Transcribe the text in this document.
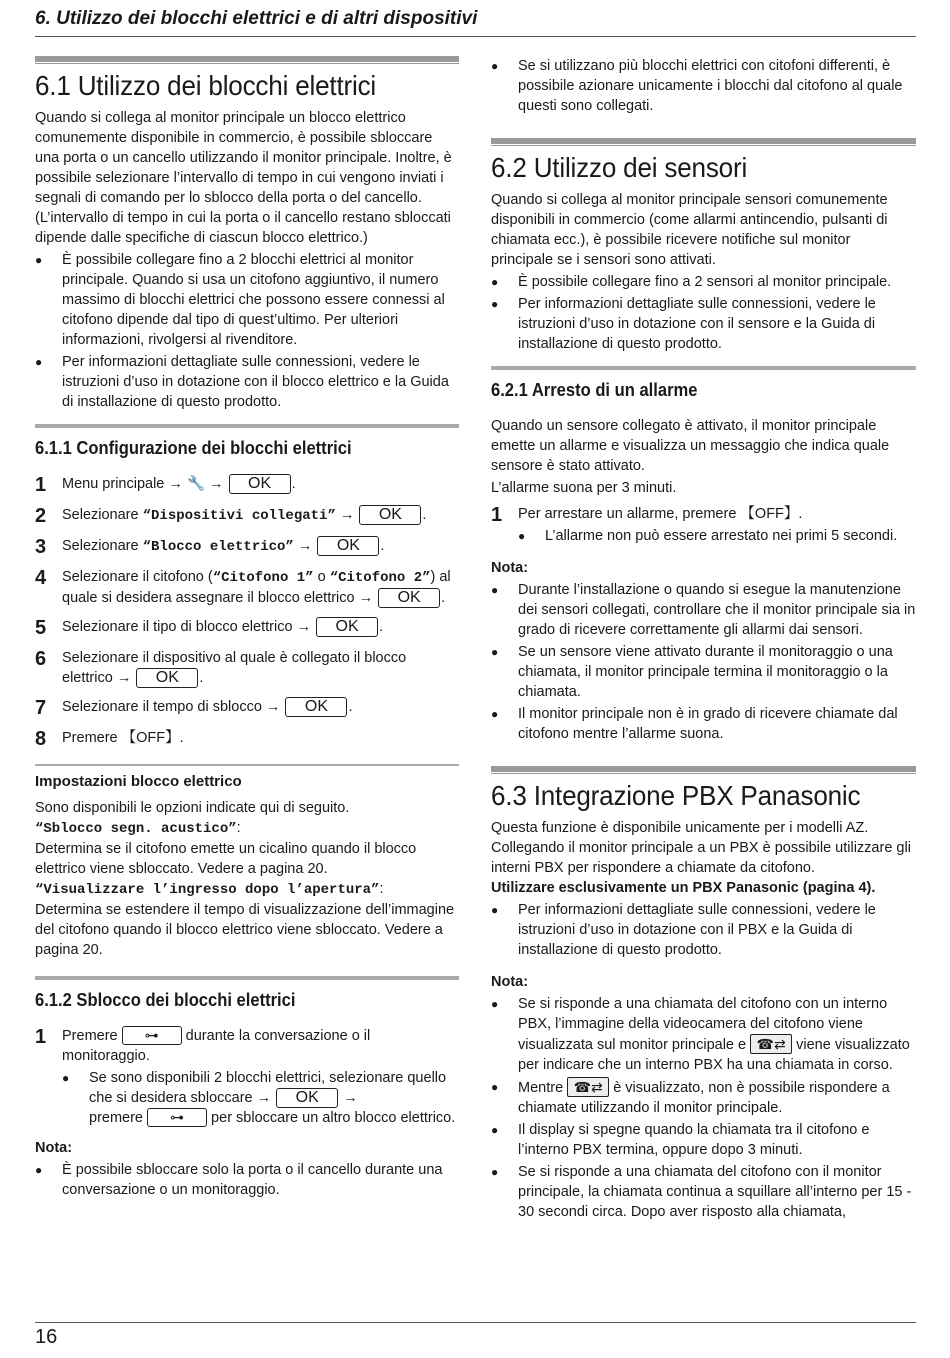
6. Utilizzo dei blocchi elettrici e di altri dispositivi
6.1 Utilizzo dei blocchi elettrici

Quando si collega al monitor principale un blocco elettrico comunemente disponibile in commercio, è possibile sbloccare una porta o un cancello utilizzando il monitor principale. Inoltre, è possibile selezionare l’intervallo di tempo in cui vengono inviati i segnali di comando per lo sblocco della porta o del cancello. (L’intervallo di tempo in cui la porta o il cancello restano sbloccati dipende dalle specifiche di ciascun blocco elettrico.)

●	È possibile collegare fino a 2 blocchi elettrici al monitor principale. Quando si usa un citofono aggiuntivo, il numero massimo di blocchi elettrici che possono essere connessi al citofono dipende dal tipo di quest’ultimo. Per ulteriori informazioni, rivolgersi al rivenditore.
●	Per informazioni dettagliate sulle connessioni, vedere le istruzioni d’uso in dotazione con il blocco elettrico e la Guida di installazione di questo prodotto.
6.1.1 Configurazione dei blocchi elettrici
1	Menu principale → 🔧 → OK .
2	Selezionare “Dispositivi collegati” → OK .
3	Selezionare “Blocco elettrico” → OK .
4	Selezionare il citofono (“Citofono 1” o “Citofono 2”) al quale si desidera assegnare il blocco elettrico → OK .
5	Selezionare il tipo di blocco elettrico → OK .
6	Selezionare il dispositivo al quale è collegato il blocco elettrico → OK .
7	Selezionare il tempo di sblocco → OK .
8	Premere 【OFF】.
Impostazioni blocco elettrico

Sono disponibili le opzioni indicate qui di seguito.

“Sblocco segn. acustico”:

Determina se il citofono emette un cicalino quando il blocco elettrico viene sbloccato. Vedere a pagina 20.

“Visualizzare l’ingresso dopo l’apertura”:

Determina se estendere il tempo di visualizzazione dell’immagine del citofono quando il blocco elettrico viene sbloccato. Vedere a pagina 20.

6.1.2 Sblocco dei blocchi elettrici
1	Premere ⊶ durante la conversazione o il monitoraggio.
●	Se sono disponibili 2 blocchi elettrici, selezionare quello che si desidera sbloccare → OK →
premere ⊶ per sbloccare un altro blocco elettrico.

Nota:

●	È possibile sbloccare solo la porta o il cancello durante una conversazione o un monitoraggio.
●	Se si utilizzano più blocchi elettrici con citofoni differenti, è possibile azionare unicamente i blocchi dal citofono al quale questi sono collegati.
6.2 Utilizzo dei sensori

Quando si collega al monitor principale sensori comunemente disponibili in commercio (come allarmi antincendio, pulsanti di chiamata ecc.), è possibile ricevere notifiche sul monitor principale se i sensori sono attivati.

●	È possibile collegare fino a 2 sensori al monitor principale.
●	Per informazioni dettagliate sulle connessioni, vedere le istruzioni d’uso in dotazione con il sensore e la Guida di installazione di questo prodotto.
6.2.1 Arresto di un allarme

Quando un sensore collegato è attivato, il monitor principale emette un allarme e visualizza un messaggio che indica quale sensore è stato attivato.

L’allarme suona per 3 minuti.

1	Per arrestare un allarme, premere 【OFF】.
●	L’allarme non può essere arrestato nei primi 5 secondi.

Nota:

●	Durante l’installazione o quando si esegue la manutenzione dei sensori collegati, controllare che il monitor principale sia in grado di ricevere correttamente gli allarmi dai sensori.
●	Se un sensore viene attivato durante il monitoraggio o una chiamata, il monitor principale termina il monitoraggio o la chiamata.
●	Il monitor principale non è in grado di ricevere chiamate dal citofono mentre l’allarme suona.
6.3 Integrazione PBX Panasonic

Questa funzione è disponibile unicamente per i modelli AZ. Collegando il monitor principale a un PBX è possibile utilizzare gli interni PBX per rispondere a chiamate da citofono.

Utilizzare esclusivamente un PBX Panasonic (pagina 4).

●	Per informazioni dettagliate sulle connessioni, vedere le istruzioni d’uso in dotazione con il PBX e la Guida di installazione di questo prodotto.

Nota:

●	Se si risponde a una chiamata del citofono con un interno PBX, l’immagine della videocamera del citofono viene visualizzata sul monitor principale e ☎⇄ viene visualizzato per indicare che un interno PBX ha una chiamata in corso.
●	Mentre ☎⇄ è visualizzato, non è possibile rispondere a chiamate utilizzando il monitor principale.
●	Il display si spegne quando la chiamata tra il citofono e l’interno PBX termina, oppure dopo 3 minuti.
●	Se si risponde a una chiamata del citofono con il monitor principale, la chiamata continua a squillare all’interno per 15 - 30 secondi circa. Dopo aver risposto alla chiamata,
16
